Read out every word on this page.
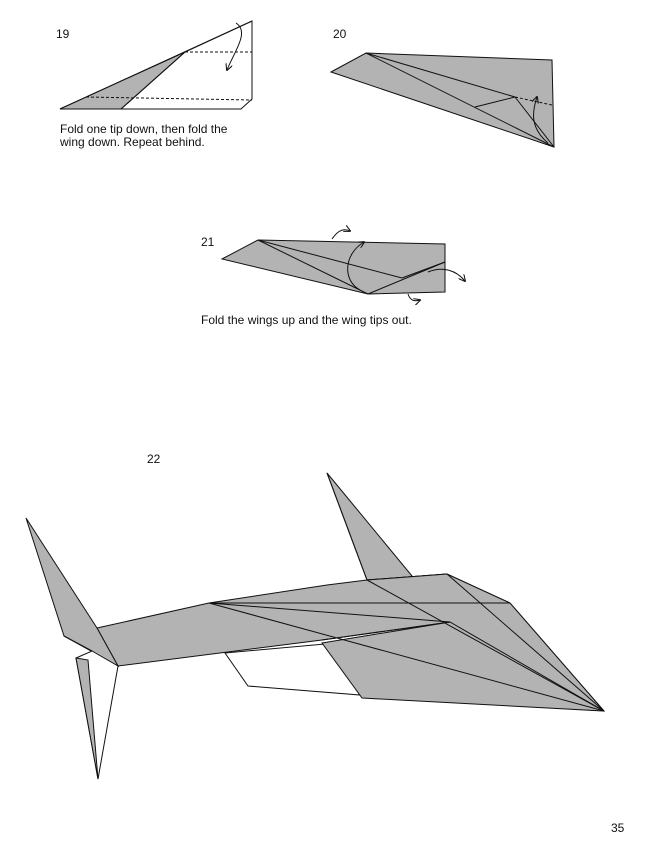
19
Fold one tip down, then fold the
wing down. Repeat behind.
20
21
Fold the wings up and the wing tips out.
22
35
